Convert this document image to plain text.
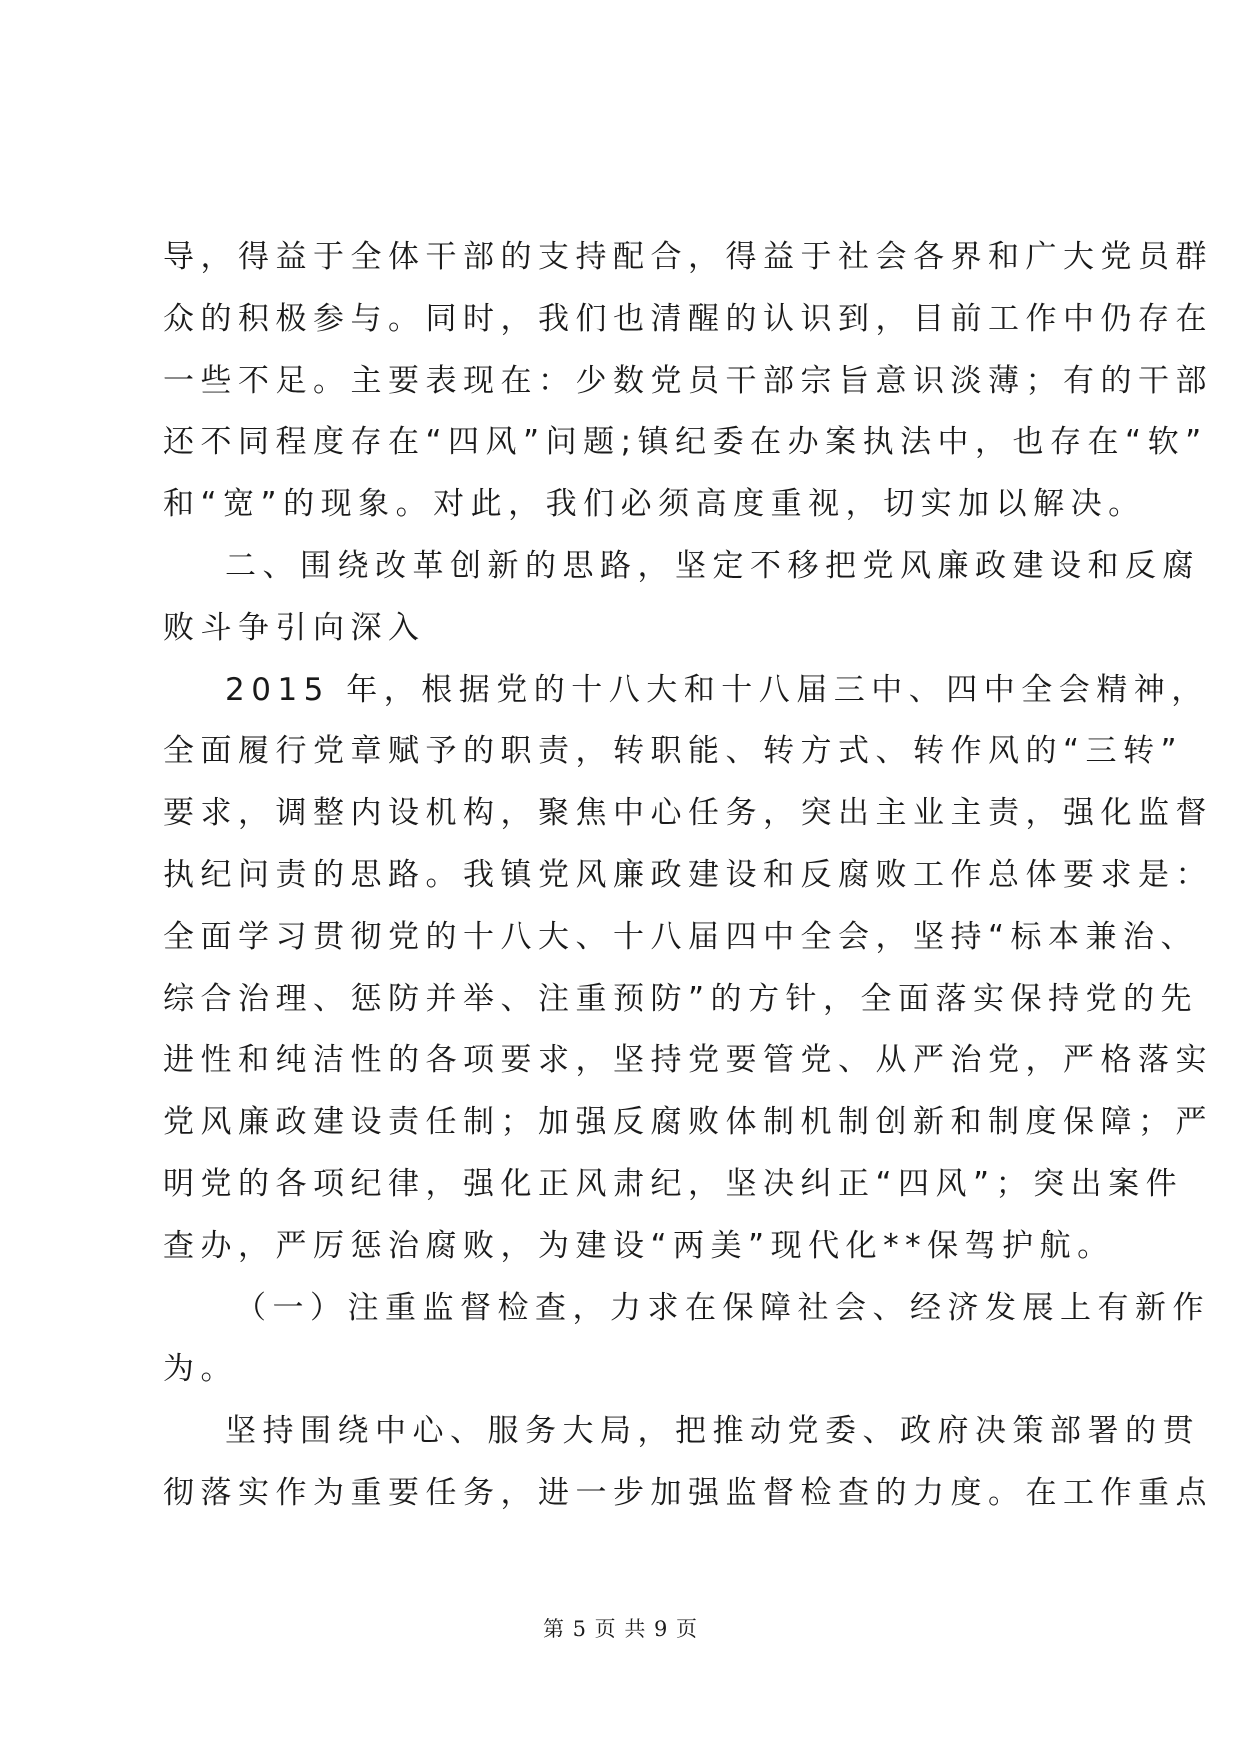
导，得益于全体干部的支持配合，得益于社会各界和广大党员群
众的积极参与。同时，我们也清醒的认识到，目前工作中仍存在
一些不足。主要表现在：少数党员干部宗旨意识淡薄；有的干部
还不同程度存在“四风”问题;镇纪委在办案执法中，也存在“软”
和“宽”的现象。对此，我们必须高度重视，切实加以解决。
二、围绕改革创新的思路，坚定不移把党风廉政建设和反腐
败斗争引向深入
2015 年，根据党的十八大和十八届三中、四中全会精神，
全面履行党章赋予的职责，转职能、转方式、转作风的“三转”
要求，调整内设机构，聚焦中心任务，突出主业主责，强化监督
执纪问责的思路。我镇党风廉政建设和反腐败工作总体要求是：
全面学习贯彻党的十八大、十八届四中全会，坚持“标本兼治、
综合治理、惩防并举、注重预防”的方针，全面落实保持党的先
进性和纯洁性的各项要求，坚持党要管党、从严治党，严格落实
党风廉政建设责任制；加强反腐败体制机制创新和制度保障；严
明党的各项纪律，强化正风肃纪，坚决纠正“四风”；突出案件
查办，严厉惩治腐败，为建设“两美”现代化**保驾护航。
（一）注重监督检查，力求在保障社会、经济发展上有新作
为。
坚持围绕中心、服务大局，把推动党委、政府决策部署的贯
彻落实作为重要任务，进一步加强监督检查的力度。在工作重点
第 5 页 共 9 页
